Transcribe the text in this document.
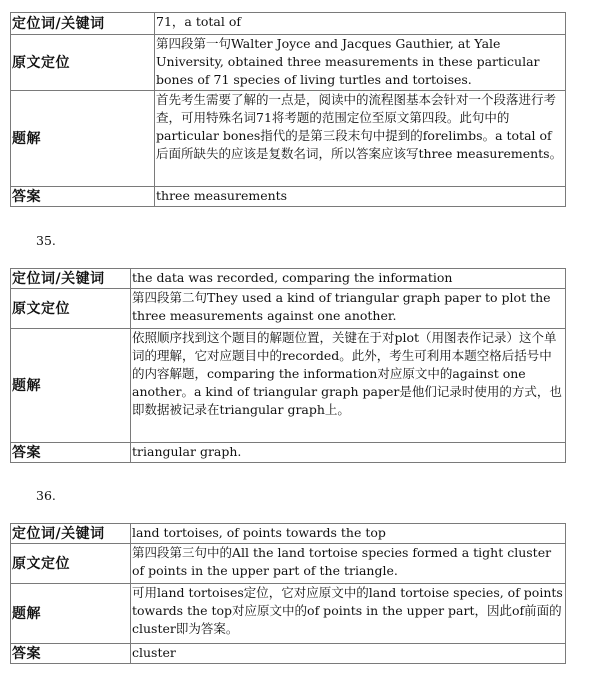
定位词/关键词	71，a total of
原文定位	第四段第一句Walter Joyce and Jacques Gauthier, at Yale University, obtained three measurements in these particular bones of 71 species of living turtles and tortoises.
题解	首先考生需要了解的一点是，阅读中的流程图基本会针对一个段落进行考查，可用特殊名词71将考题的范围定位至原文第四段。此句中的particular bones指代的是第三段末句中提到的forelimbs。a total of后面所缺失的应该是复数名词，所以答案应该写three measurements。
答案	three measurements
35.
定位词/关键词	the data was recorded, comparing the information
原文定位	第四段第二句They used a kind of triangular graph paper to plot the three measurements against one another.
题解	依照顺序找到这个题目的解题位置，关键在于对plot（用图表作记录）这个单词的理解，它对应题目中的recorded。此外，考生可利用本题空格后括号中的内容解题，comparing the information对应原文中的against one another。a kind of triangular graph paper是他们记录时使用的方式，也即数据被记录在triangular graph上。
答案	triangular graph.
36.
定位词/关键词	land tortoises, of points towards the top
原文定位	第四段第三句中的All the land tortoise species formed a tight cluster of points in the upper part of the triangle.
题解	可用land tortoises定位，它对应原文中的land tortoise species, of points towards the top对应原文中的of points in the upper part，因此of前面的cluster即为答案。
答案	cluster
